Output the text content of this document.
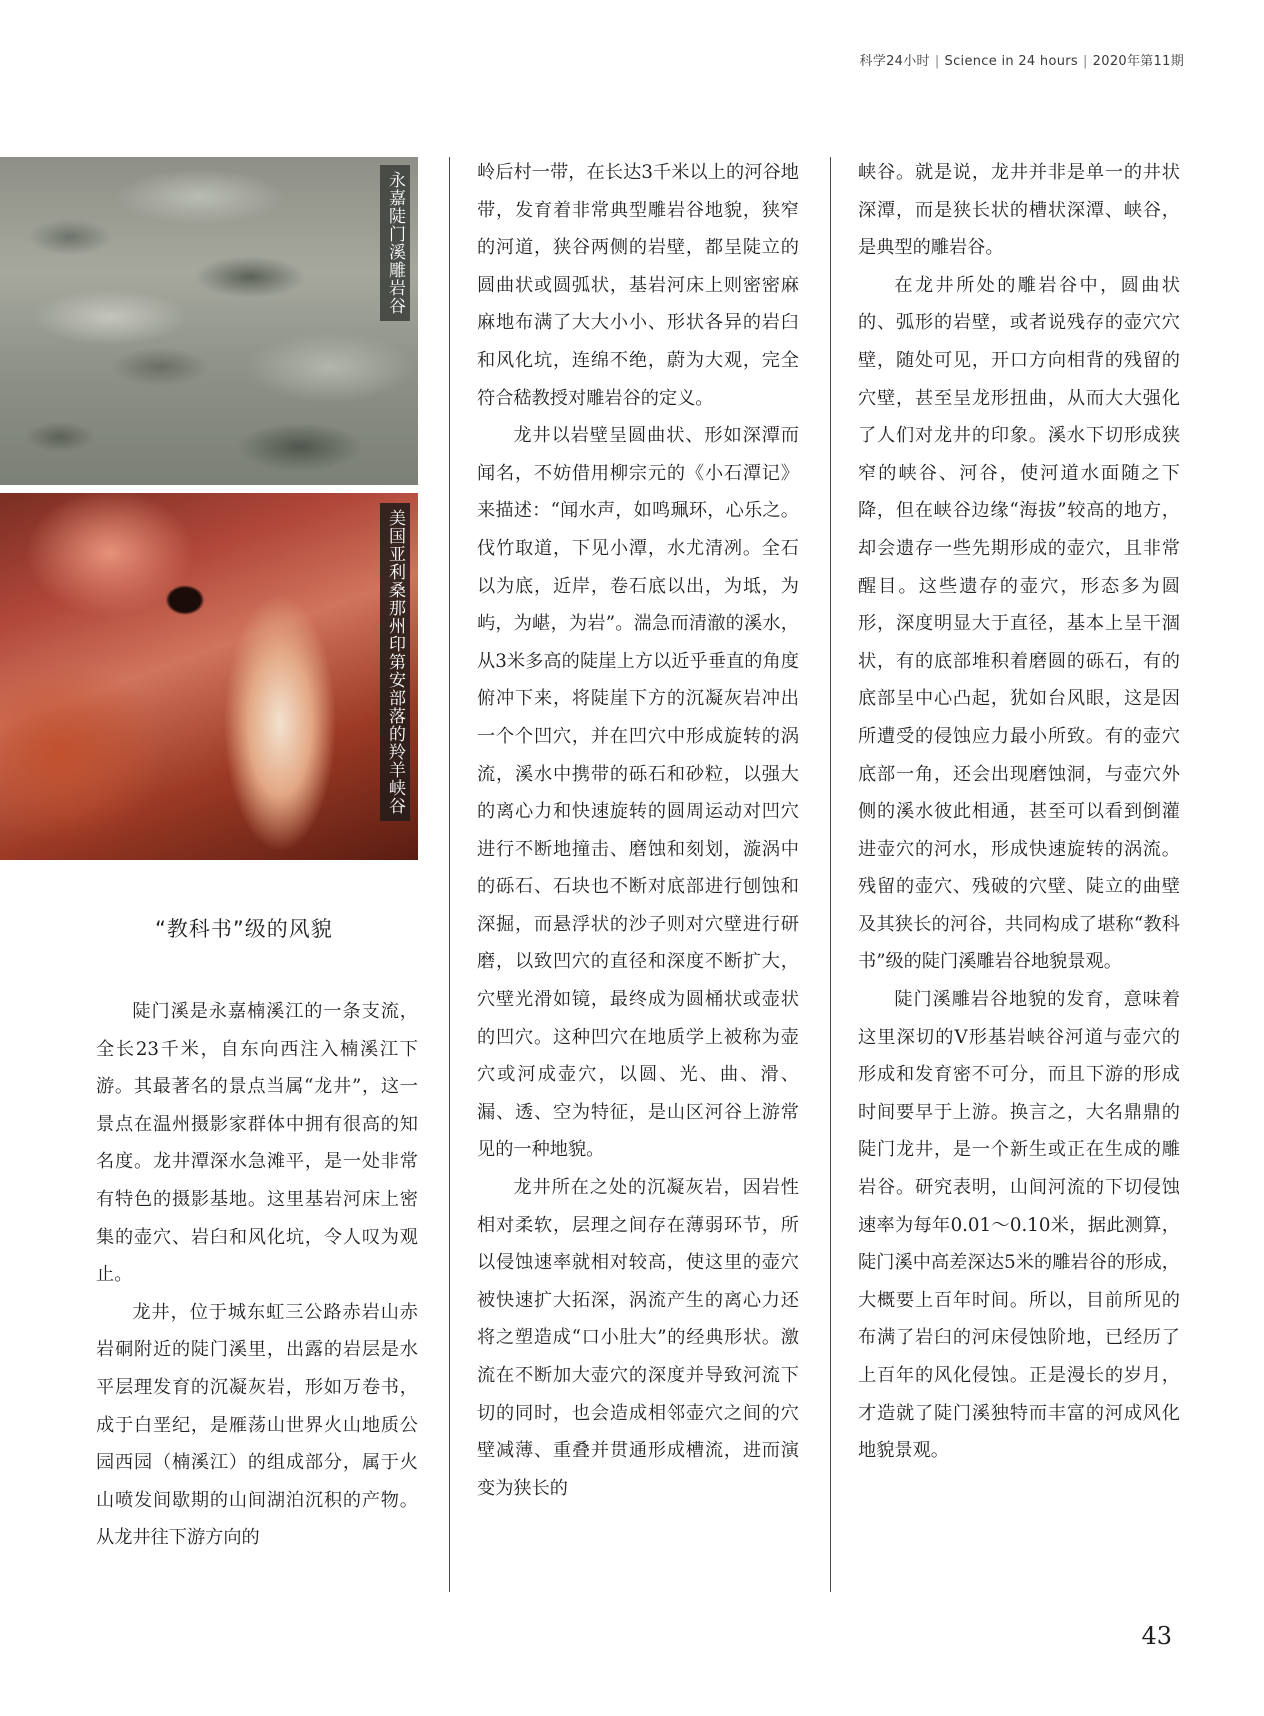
科学24小时 | Science in 24 hours | 2020年第11期
永嘉陡门溪雕岩谷
美国亚利桑那州印第安部落的羚羊峡谷
“教科书”级的风貌

陡门溪是永嘉楠溪江的一条支流，全长23千米，自东向西注入楠溪江下游。其最著名的景点当属“龙井”，这一景点在温州摄影家群体中拥有很高的知名度。龙井潭深水急滩平，是一处非常有特色的摄影基地。这里基岩河床上密集的壶穴、岩臼和风化坑，令人叹为观止。

龙井，位于城东虹三公路赤岩山赤岩硐附近的陡门溪里，出露的岩层是水平层理发育的沉凝灰岩，形如万卷书，成于白垩纪，是雁荡山世界火山地质公园西园（楠溪江）的组成部分，属于火山喷发间歇期的山间湖泊沉积的产物。从龙井往下游方向的

岭后村一带，在长达3千米以上的河谷地带，发育着非常典型雕岩谷地貌，狭窄的河道，狭谷两侧的岩壁，都呈陡立的圆曲状或圆弧状，基岩河床上则密密麻麻地布满了大大小小、形状各异的岩臼和风化坑，连绵不绝，蔚为大观，完全符合嵇教授对雕岩谷的定义。

龙井以岩壁呈圆曲状、形如深潭而闻名，不妨借用柳宗元的《小石潭记》来描述：“闻水声，如鸣珮环，心乐之。伐竹取道，下见小潭，水尤清冽。全石以为底，近岸，卷石底以出，为坻，为屿，为嵁，为岩”。湍急而清澈的溪水，从3米多高的陡崖上方以近乎垂直的角度俯冲下来，将陡崖下方的沉凝灰岩冲出一个个凹穴，并在凹穴中形成旋转的涡流，溪水中携带的砾石和砂粒，以强大的离心力和快速旋转的圆周运动对凹穴进行不断地撞击、磨蚀和刻划，漩涡中的砾石、石块也不断对底部进行刨蚀和深掘，而悬浮状的沙子则对穴壁进行研磨，以致凹穴的直径和深度不断扩大，穴壁光滑如镜，最终成为圆桶状或壶状的凹穴。这种凹穴在地质学上被称为壶穴或河成壶穴，以圆、光、曲、滑、漏、透、空为特征，是山区河谷上游常见的一种地貌。

龙井所在之处的沉凝灰岩，因岩性相对柔软，层理之间存在薄弱环节，所以侵蚀速率就相对较高，使这里的壶穴被快速扩大拓深，涡流产生的离心力还将之塑造成“口小肚大”的经典形状。激流在不断加大壶穴的深度并导致河流下切的同时，也会造成相邻壶穴之间的穴壁减薄、重叠并贯通形成槽流，进而演变为狭长的

峡谷。就是说，龙井并非是单一的井状深潭，而是狭长状的槽状深潭、峡谷，是典型的雕岩谷。

在龙井所处的雕岩谷中，圆曲状的、弧形的岩壁，或者说残存的壶穴穴壁，随处可见，开口方向相背的残留的穴壁，甚至呈龙形扭曲，从而大大强化了人们对龙井的印象。溪水下切形成狭窄的峡谷、河谷，使河道水面随之下降，但在峡谷边缘“海拔”较高的地方，却会遗存一些先期形成的壶穴，且非常醒目。这些遗存的壶穴，形态多为圆形，深度明显大于直径，基本上呈干涸状，有的底部堆积着磨圆的砾石，有的底部呈中心凸起，犹如台风眼，这是因所遭受的侵蚀应力最小所致。有的壶穴底部一角，还会出现磨蚀洞，与壶穴外侧的溪水彼此相通，甚至可以看到倒灌进壶穴的河水，形成快速旋转的涡流。残留的壶穴、残破的穴壁、陡立的曲壁及其狭长的河谷，共同构成了堪称“教科书”级的陡门溪雕岩谷地貌景观。

陡门溪雕岩谷地貌的发育，意味着这里深切的V形基岩峡谷河道与壶穴的形成和发育密不可分，而且下游的形成时间要早于上游。换言之，大名鼎鼎的陡门龙井，是一个新生或正在生成的雕岩谷。研究表明，山间河流的下切侵蚀速率为每年0.01～0.10米，据此测算，陡门溪中高差深达5米的雕岩谷的形成，大概要上百年时间。所以，目前所见的布满了岩臼的河床侵蚀阶地，已经历了上百年的风化侵蚀。正是漫长的岁月，才造就了陡门溪独特而丰富的河成风化地貌景观。

43
